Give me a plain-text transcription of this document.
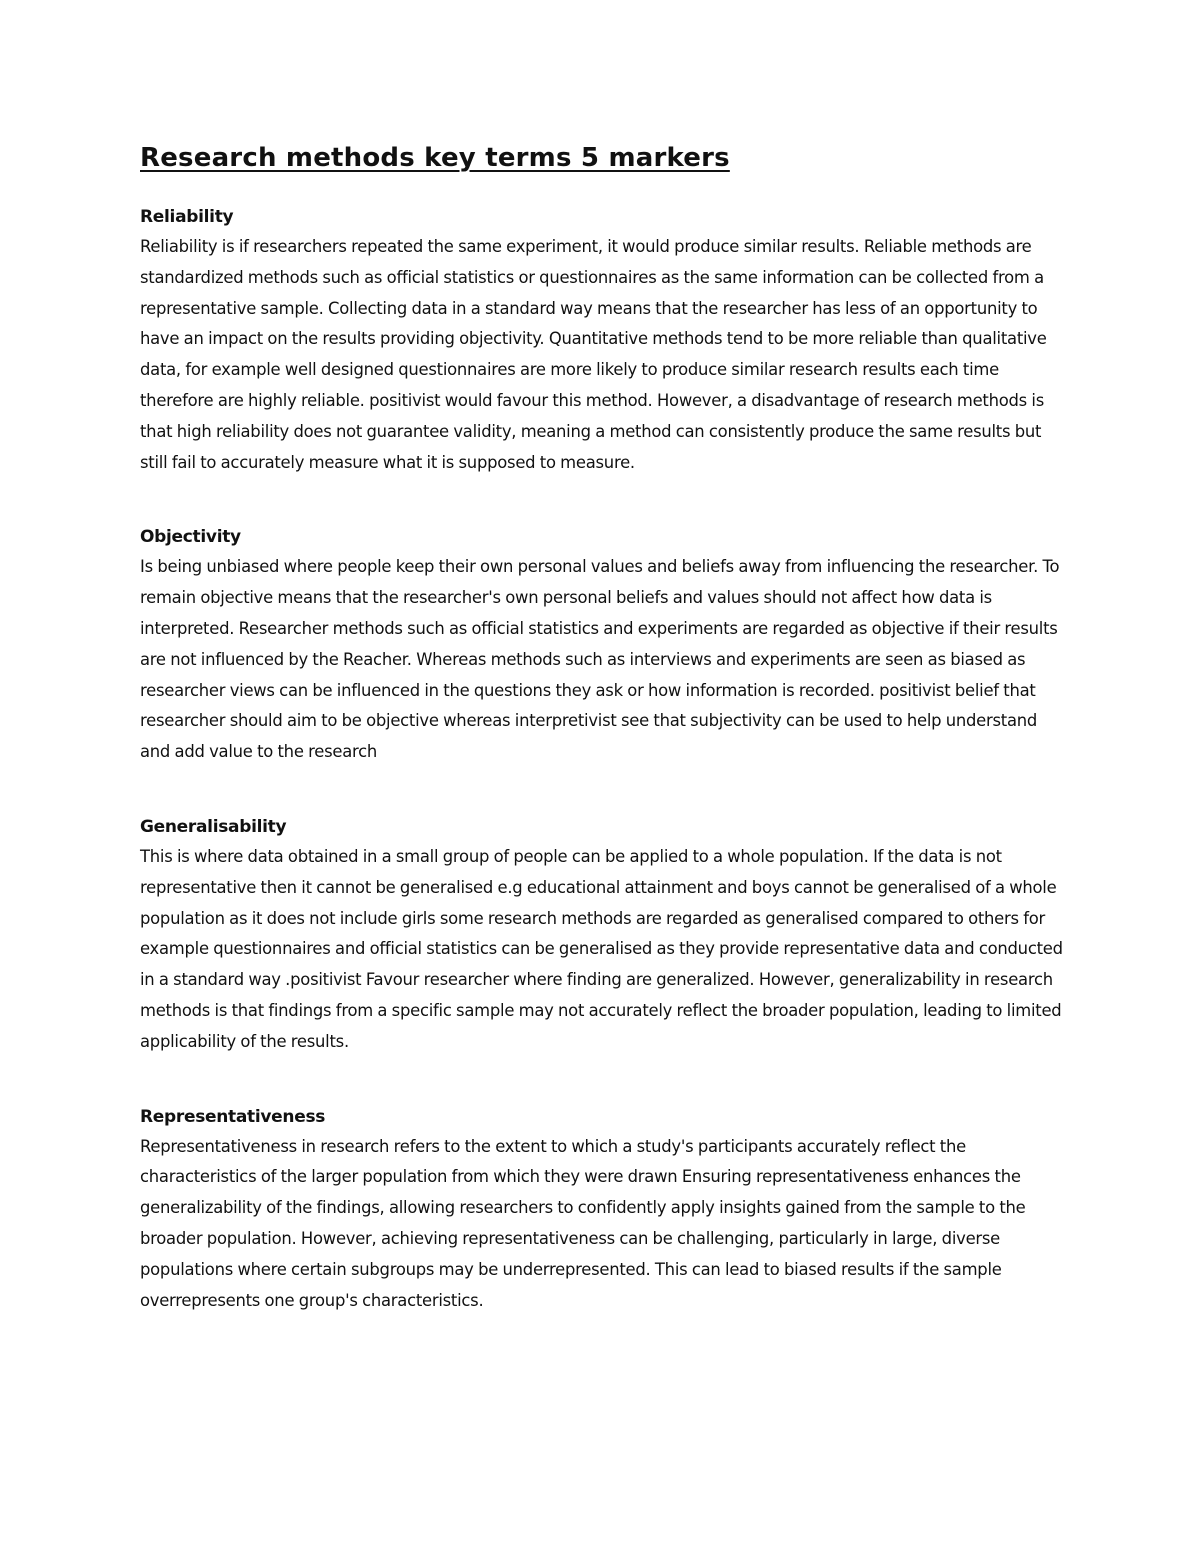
Research methods key terms 5 markers
Reliability

Reliability is if researchers repeated the same experiment, it would produce similar results. Reliable methods are standardized methods such as official statistics or questionnaires as the same information can be collected from a representative sample. Collecting data in a standard way means that the researcher has less of an opportunity to have an impact on the results providing objectivity. Quantitative methods tend to be more reliable than qualitative data, for example well designed questionnaires are more likely to produce similar research results each time therefore are highly reliable. positivist would favour this method. However, a disadvantage of research methods is that high reliability does not guarantee validity, meaning a method can consistently produce the same results but still fail to accurately measure what it is supposed to measure.

Objectivity

Is being unbiased where people keep their own personal values and beliefs away from influencing the researcher. To remain objective means that the researcher's own personal beliefs and values should not affect how data is interpreted. Researcher methods such as official statistics and experiments are regarded as objective if their results are not influenced by the Reacher. Whereas methods such as interviews and experiments are seen as biased as researcher views can be influenced in the questions they ask or how information is recorded. positivist belief that researcher should aim to be objective whereas interpretivist see that subjectivity can be used to help understand and add value to the research

Generalisability

This is where data obtained in a small group of people can be applied to a whole population. If the data is not representative then it cannot be generalised e.g educational attainment and boys cannot be generalised of a whole population as it does not include girls some research methods are regarded as generalised compared to others for example questionnaires and official statistics can be generalised as they provide representative data and conducted in a standard way .positivist Favour researcher where finding are generalized. However, generalizability in research methods is that findings from a specific sample may not accurately reflect the broader population, leading to limited applicability of the results.

Representativeness

Representativeness in research refers to the extent to which a study's participants accurately reflect the characteristics of the larger population from which they were drawn Ensuring representativeness enhances the generalizability of the findings, allowing researchers to confidently apply insights gained from the sample to the broader population. However, achieving representativeness can be challenging, particularly in large, diverse populations where certain subgroups may be underrepresented. This can lead to biased results if the sample overrepresents one group's characteristics.
